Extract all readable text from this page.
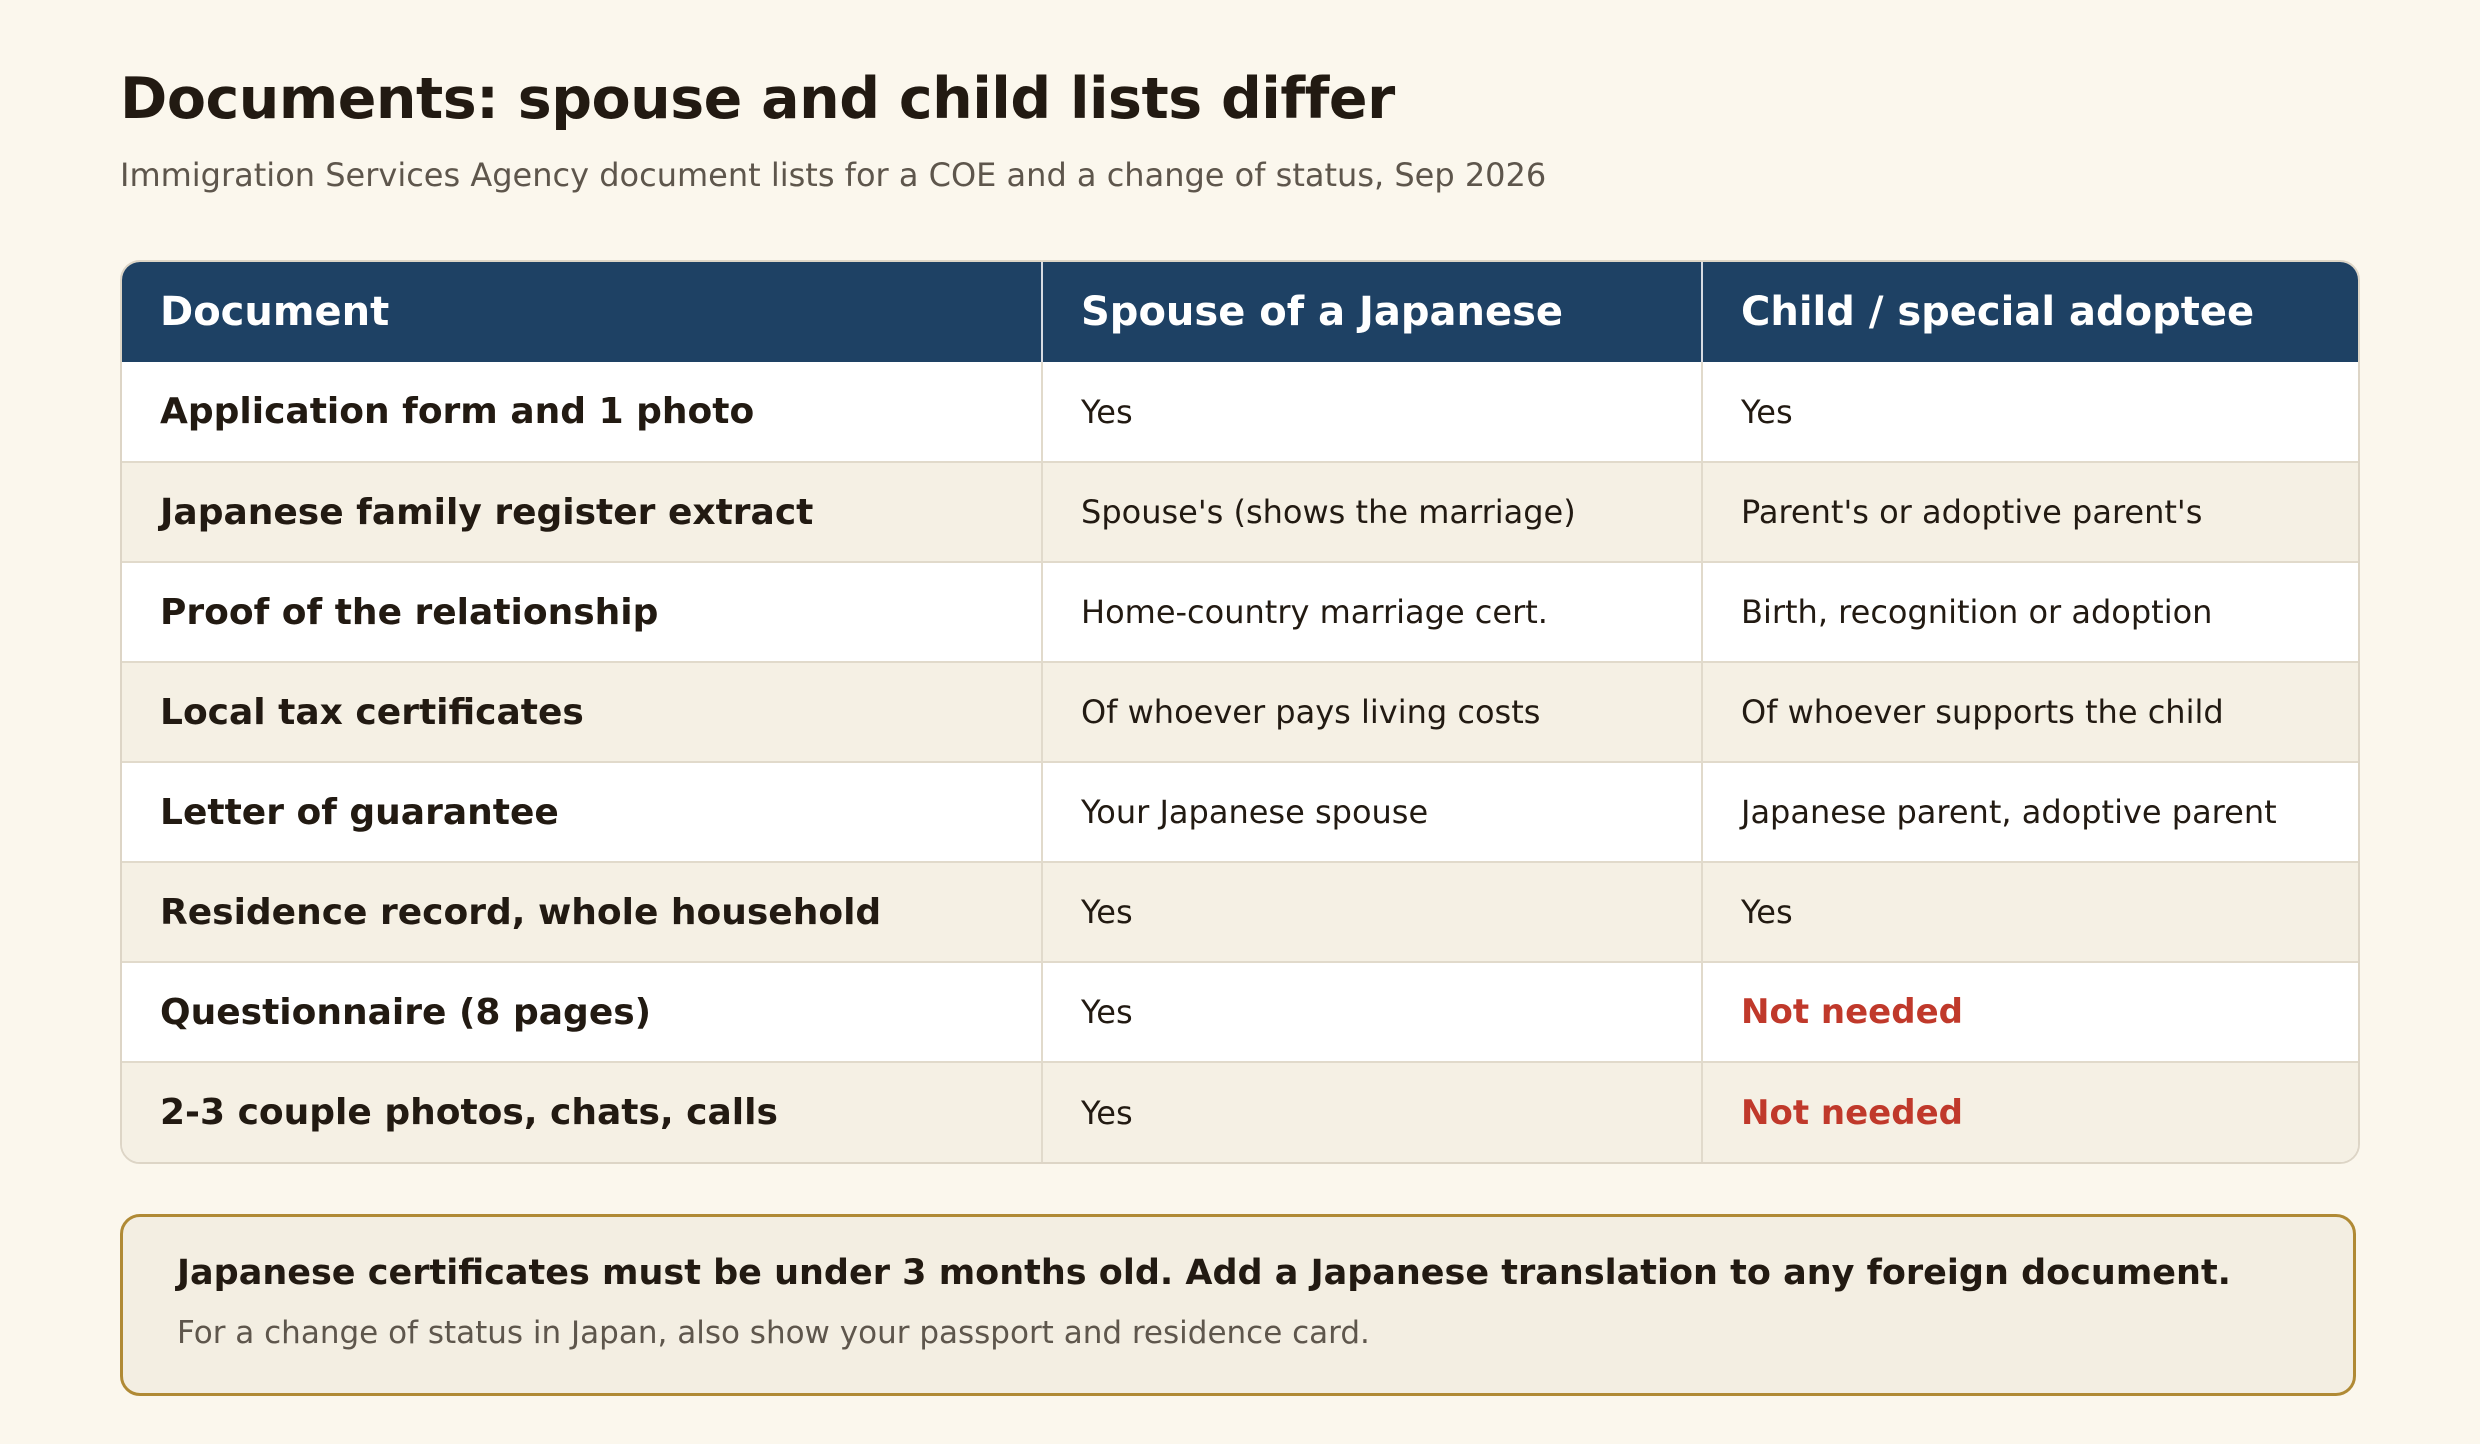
Documents: spouse and child lists differ
Immigration Services Agency document lists for a COE and a change of status, Sep 2026
Document	Spouse of a Japanese	Child / special adoptee
Application form and 1 photo	Yes	Yes
Japanese family register extract	Spouse's (shows the marriage)	Parent's or adoptive parent's
Proof of the relationship	Home-country marriage cert.	Birth, recognition or adoption
Local tax certificates	Of whoever pays living costs	Of whoever supports the child
Letter of guarantee	Your Japanese spouse	Japanese parent, adoptive parent
Residence record, whole household	Yes	Yes
Questionnaire (8 pages)	Yes	Not needed
2-3 couple photos, chats, calls	Yes	Not needed
Japanese certificates must be under 3 months old. Add a Japanese translation to any foreign document.
For a change of status in Japan, also show your passport and residence card.
